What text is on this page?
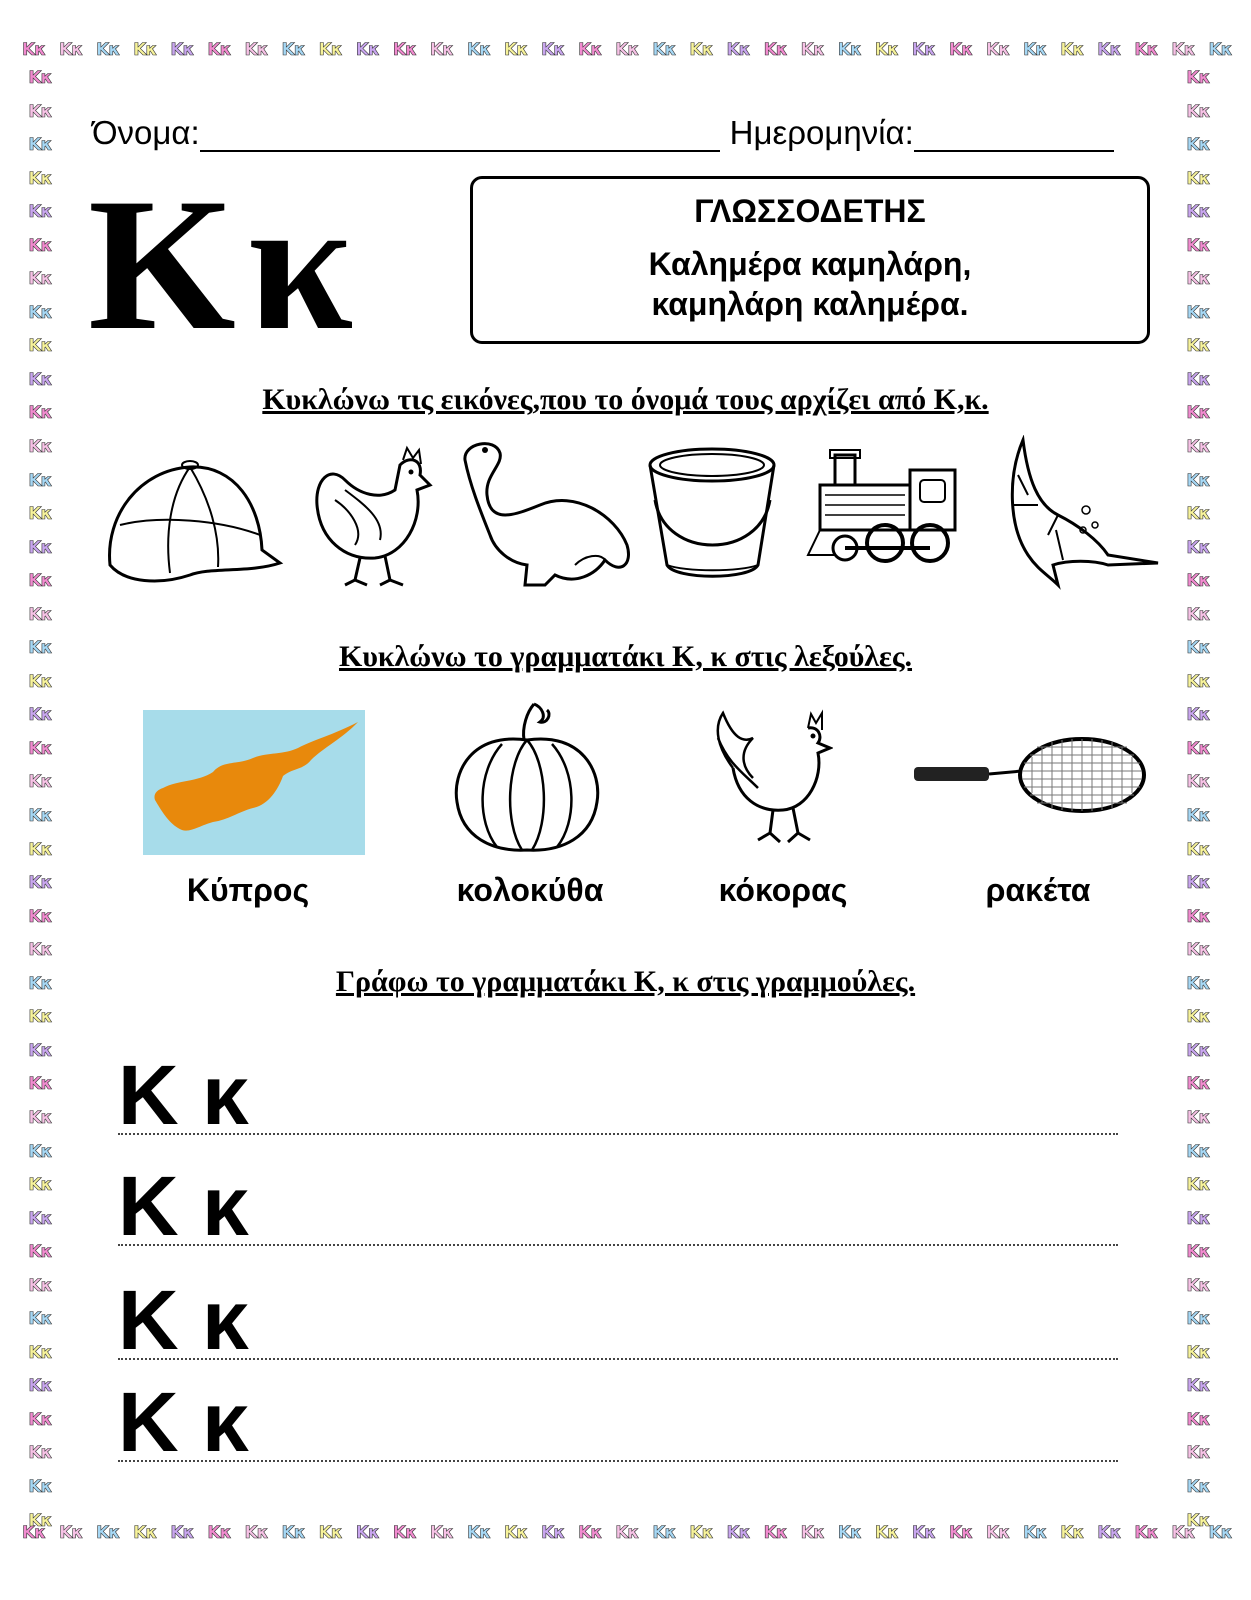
Kκ Kκ Kκ Kκ Kκ Kκ Kκ Kκ Kκ Kκ Kκ Kκ Kκ Kκ Kκ Kκ Kκ Kκ Kκ Kκ Kκ Kκ Kκ Kκ Kκ Kκ Kκ Kκ Kκ Kκ Kκ Kκ Kκ
Kκ Kκ Kκ Kκ Kκ Kκ Kκ Kκ Kκ Kκ Kκ Kκ Kκ Kκ Kκ Kκ Kκ Kκ Kκ Kκ Kκ Kκ Kκ Kκ Kκ Kκ Kκ Kκ Kκ Kκ Kκ Kκ Kκ
Kκ
Kκ
Kκ
Kκ
Kκ
Kκ
Kκ
Kκ
Kκ
Kκ
Kκ
Kκ
Kκ
Kκ
Kκ
Kκ
Kκ
Kκ
Kκ
Kκ
Kκ
Kκ
Kκ
Kκ
Kκ
Kκ
Kκ
Kκ
Kκ
Kκ
Kκ
Kκ
Kκ
Kκ
Kκ
Kκ
Kκ
Kκ
Kκ
Kκ
Kκ
Kκ
Kκ
Kκ
Kκ
Kκ
Kκ
Kκ
Kκ
Kκ
Kκ
Kκ
Kκ
Kκ
Kκ
Kκ
Kκ
Kκ
Kκ
Kκ
Kκ
Kκ
Kκ
Kκ
Kκ
Kκ
Kκ
Kκ
Kκ
Kκ
Kκ
Kκ
Kκ
Kκ
Kκ
Kκ
Kκ
Kκ
Kκ
Kκ
Kκ
Kκ
Kκ
Kκ
Kκ
Kκ
Kκ
Kκ
Όνομα:	Ημερομηνία:
Κκ	ΓΛΩΣΣΟΔΕΤΗΣ
Καλημέρα καμηλάρη,
καμηλάρη καλημέρα.
Κυκλώνω τις εικόνες,που το όνομά τους αρχίζει από Κ,κ.
Κυκλώνω το γραμματάκι Κ, κ στις λεξούλες.
Κύπρος	κολοκύθα	κόκορας	ρακέτα
Γράφω το γραμματάκι Κ, κ στις γραμμούλες.
Κ κ
Κ κ
Κ κ
Κ κ
